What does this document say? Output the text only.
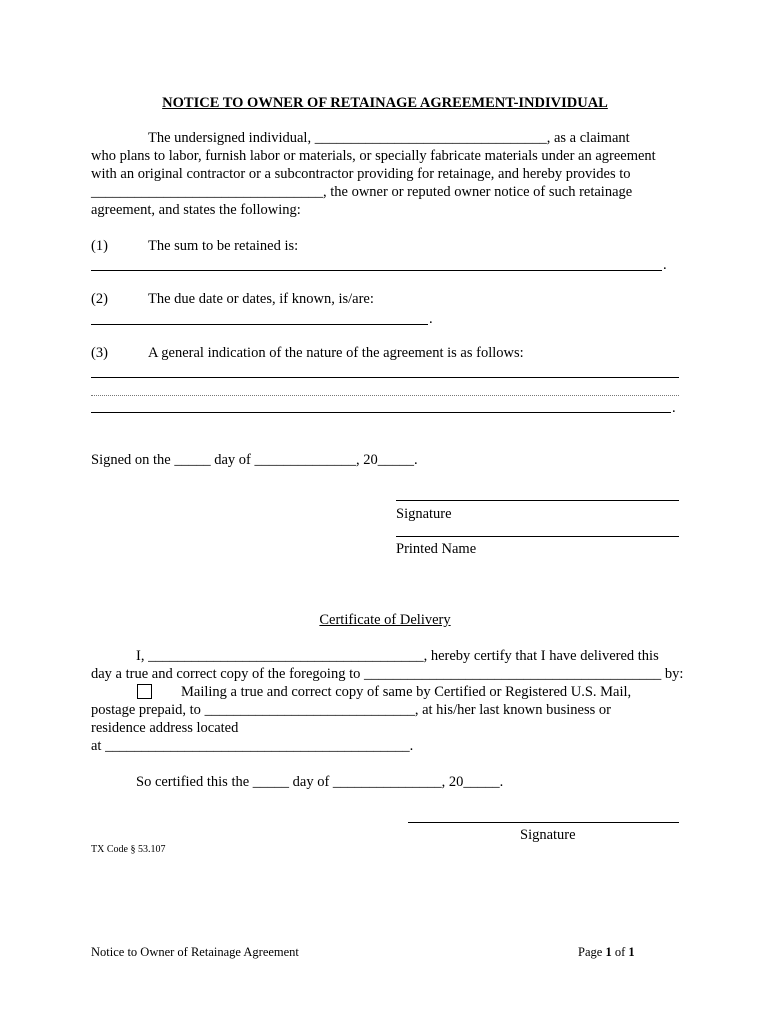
NOTICE TO OWNER OF RETAINAGE AGREEMENT-INDIVIDUAL
The undersigned individual, ________________________________, as a claimant
who plans to labor, furnish labor or materials, or specially fabricate materials under an agreement
with an original contractor or a subcontractor providing for retainage, and hereby provides to
________________________________, the owner or reputed owner notice of such retainage
agreement, and states the following:
(1)	The sum to be retained is:
.
(2)	The due date or dates, if known, is/are:
.
(3)	A general indication of the nature of the agreement is as follows:
.
Signed on the _____ day of ______________, 20_____.
Signature
Printed Name
Certificate of Delivery
I, ______________________________________, hereby certify that I have delivered this
day a true and correct copy of the foregoing to _________________________________________ by:
Mailing a true and correct copy of same by Certified or Registered U.S. Mail,
postage prepaid, to _____________________________, at his/her last known business or
residence address located
at __________________________________________.
So certified this the _____ day of _______________, 20_____.
Signature
TX Code § 53.107
Notice to Owner of Retainage Agreement	Page 1 of 1
